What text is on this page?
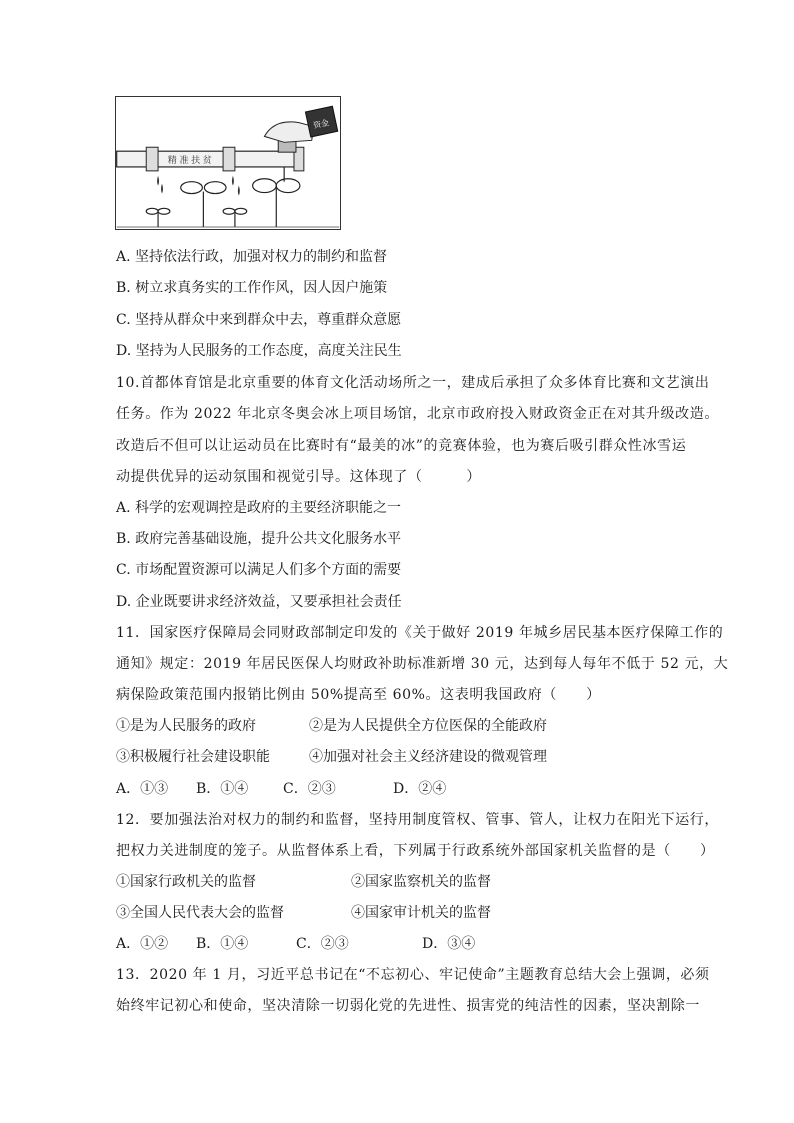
资金
精 准 扶 贫
A. 坚持依法行政，加强对权力的制约和监督
B. 树立求真务实的工作作风，因人因户施策
C. 坚持从群众中来到群众中去，尊重群众意愿
D. 坚持为人民服务的工作态度，高度关注民生
10.首都体育馆是北京重要的体育文化活动场所之一，建成后承担了众多体育比赛和文艺演出
任务。作为 2022 年北京冬奥会冰上项目场馆，北京市政府投入财政资金正在对其升级改造。
改造后不但可以让运动员在比赛时有“最美的冰”的竞赛体验，也为赛后吸引群众性冰雪运
动提供优异的运动氛围和视觉引导。这体现了（　　　）
A. 科学的宏观调控是政府的主要经济职能之一
B. 政府完善基础设施，提升公共文化服务水平
C. 市场配置资源可以满足人们多个方面的需要
D. 企业既要讲求经济效益，又要承担社会责任
11．国家医疗保障局会同财政部制定印发的《关于做好 2019 年城乡居民基本医疗保障工作的
通知》规定：2019 年居民医保人均财政补助标准新增 30 元，达到每人每年不低于 52 元，大
病保险政策范围内报销比例由 50%提高至 60%。这表明我国政府（　　）
①是为人民服务的政府	②是为人民提供全方位医保的全能政府
③积极履行社会建设职能	④加强对社会主义经济建设的微观管理
A．①③ B．①④ C．②③	D．②④
12．要加强法治对权力的制约和监督，坚持用制度管权、管事、管人，让权力在阳光下运行，
把权力关进制度的笼子。从监督体系上看，下列属于行政系统外部国家机关监督的是（　　）
①国家行政机关的监督	②国家监察机关的监督
③全国人民代表大会的监督	④国家审计机关的监督
A．①② B．①④	C．②③	D．③④
13．2020 年 1 月，习近平总书记在“不忘初心、牢记使命”主题教育总结大会上强调，必须
始终牢记初心和使命，坚决清除一切弱化党的先进性、损害党的纯洁性的因素，坚决割除一
